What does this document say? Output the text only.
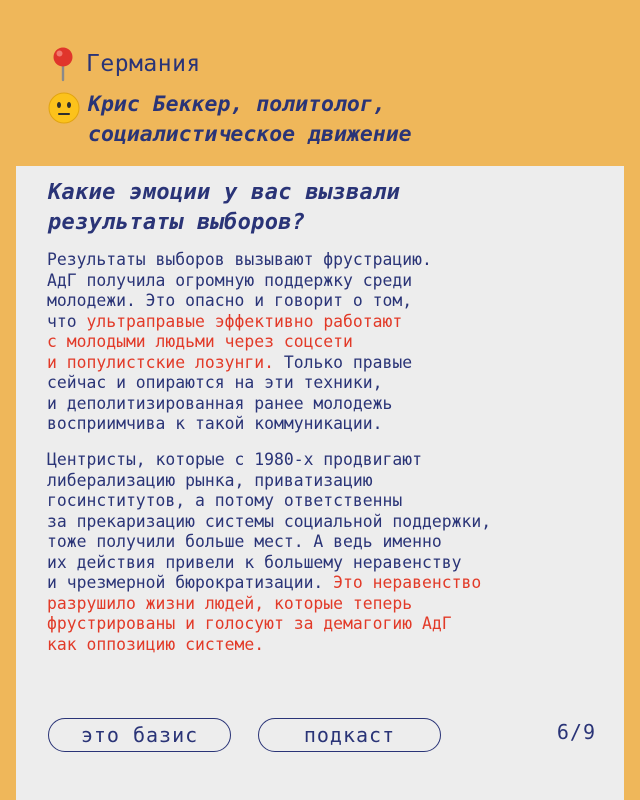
Германия
Крис Беккер, политолог,
социалистическое движение
Какие эмоции у вас вызвали
результаты выборов?
Результаты выборов вызывают фрустрацию.
АдГ получила огромную поддержку среди
молодежи. Это опасно и говорит о том,
что ультраправые эффективно работают
с молодыми людьми через соцсети
и популистские лозунги. Только правые
сейчас и опираются на эти техники,
и деполитизированная ранее молодежь
восприимчива к такой коммуникации.
Центристы, которые с 1980-х продвигают
либерализацию рынка, приватизацию
госинститутов, а потому ответственны
за прекаризацию системы социальной поддержки,
тоже получили больше мест. А ведь именно
их действия привели к большему неравенству
и чрезмерной бюрократизации. Это неравенство
разрушило жизни людей, которые теперь
фрустрированы и голосуют за демагогию АдГ
как оппозицию системе.
это базис	подкаст	6/9
